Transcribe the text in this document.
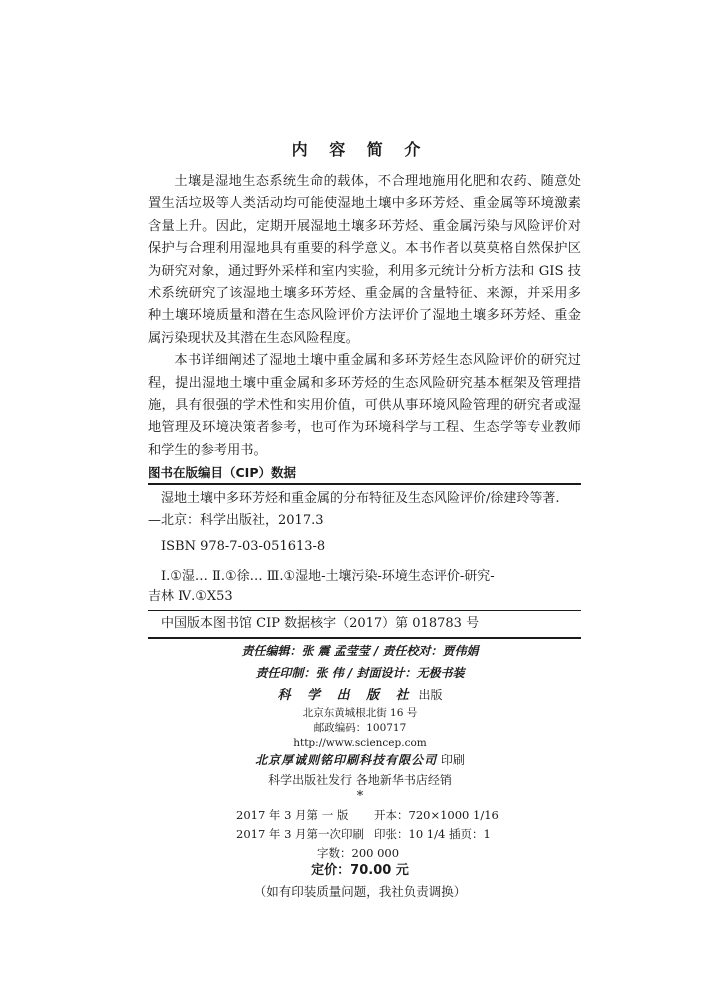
内 容 简 介

土壤是湿地生态系统生命的载体，不合理地施用化肥和农药、随意处置生活垃圾等人类活动均可能使湿地土壤中多环芳烃、重金属等环境激素含量上升。因此，定期开展湿地土壤多环芳烃、重金属污染与风险评价对保护与合理利用湿地具有重要的科学意义。本书作者以莫莫格自然保护区为研究对象，通过野外采样和室内实验，利用多元统计分析方法和 GIS 技术系统研究了该湿地土壤多环芳烃、重金属的含量特征、来源，并采用多种土壤环境质量和潜在生态风险评价方法评价了湿地土壤多环芳烃、重金属污染现状及其潜在生态风险程度。

本书详细阐述了湿地土壤中重金属和多环芳烃生态风险评价的研究过程，提出湿地土壤中重金属和多环芳烃的生态风险研究基本框架及管理措施，具有很强的学术性和实用价值，可供从事环境风险管理的研究者或湿地管理及环境决策者参考，也可作为环境科学与工程、生态学等专业教师和学生的参考用书。

图书在版编目（CIP）数据
湿地土壤中多环芳烃和重金属的分布特征及生态风险评价/徐建玲等著.
—北京：科学出版社，2017.3
ISBN 978-7-03-051613-8
Ⅰ.①湿… Ⅱ.①徐… Ⅲ.①湿地-土壤污染-环境生态评价-研究-
吉林 Ⅳ.①X53
中国版本图书馆 CIP 数据核字（2017）第 018783 号
责任编辑：张 震 孟莹莹 / 责任校对：贾伟娟
责任印制：张 伟 / 封面设计：无极书装
科 学 出 版 社 出版
北京东黄城根北街 16 号
邮政编码：100717
http://www.sciencep.com
北京厚诚则铭印刷科技有限公司 印刷
科学出版社发行 各地新华书店经销
*
2017 年 3 月第 一 版 开本：720×1000 1/16
2017 年 3 月第一次印刷 印张：10 1/4 插页：1
字数：200 000
定价：70.00 元
（如有印装质量问题，我社负责调换）
